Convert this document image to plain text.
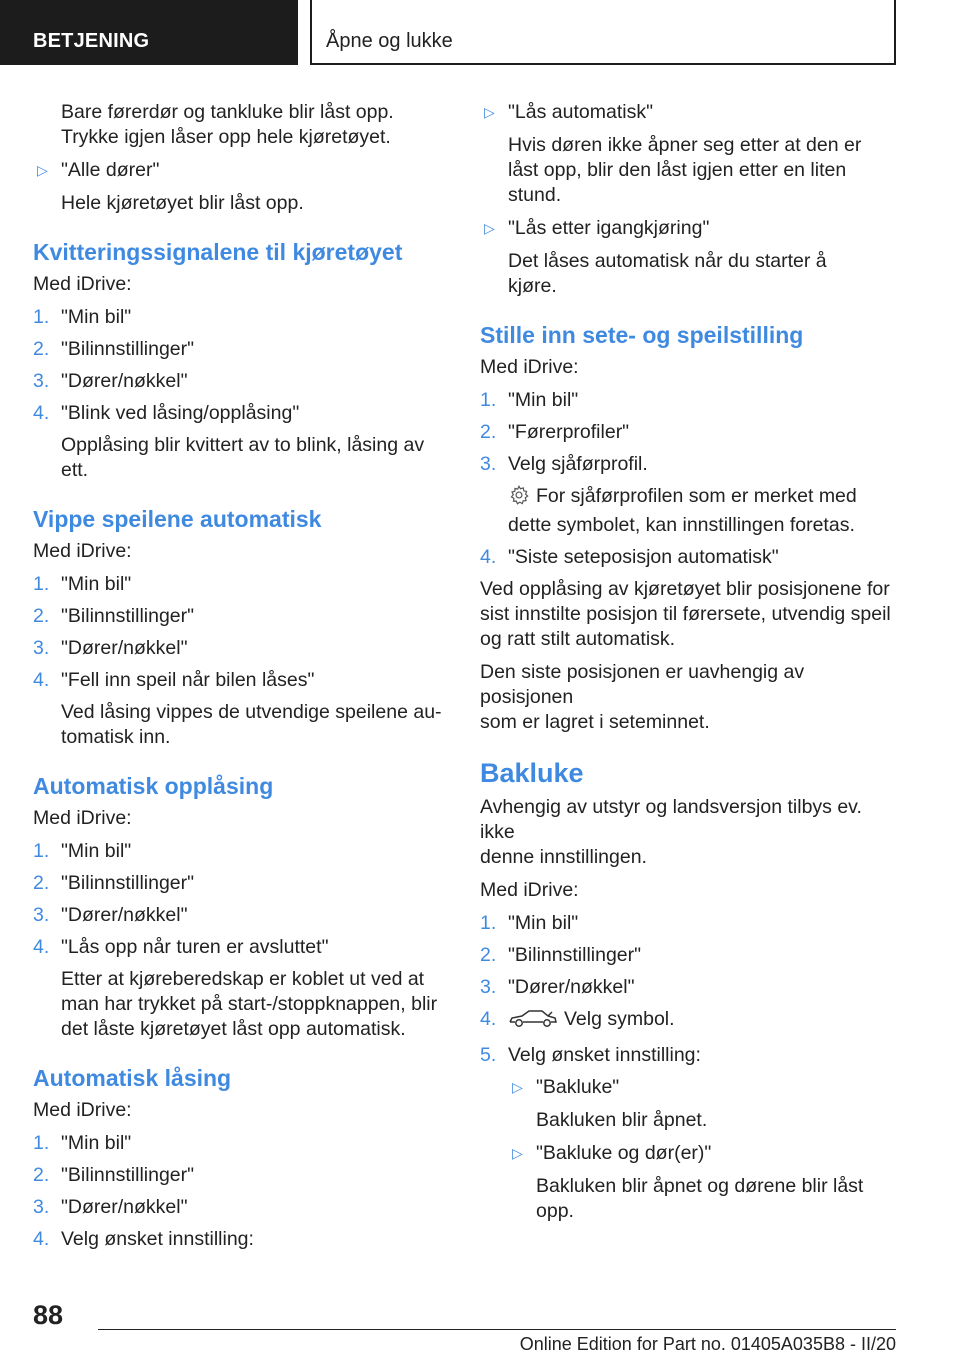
BETJENING	Åpne og lukke

Bare førerdør og tankluke blir låst opp.

Trykke igjen låser opp hele kjøretøyet.

▷ "Alle dører"

Hele kjøretøyet blir låst opp.

Kvitteringssignalene til kjøretøyet

Med iDrive:

1. "Min bil"
2. "Bilinnstillinger"
3. "Dører/nøkkel"
4. "Blink ved låsing/opplåsing"

Opplåsing blir kvittert av to blink, låsing av ett.

Vippe speilene automatisk

Med iDrive:

1. "Min bil"
2. "Bilinnstillinger"
3. "Dører/nøkkel"
4. "Fell inn speil når bilen låses"

Ved låsing vippes de utvendige speilene au-

tomatisk inn.

Automatisk opplåsing

Med iDrive:

1. "Min bil"
2. "Bilinnstillinger"
3. "Dører/nøkkel"
4. "Lås opp når turen er avsluttet"

Etter at kjøreberedskap er koblet ut ved at

man har trykket på start-/stoppknappen, blir

det låste kjøretøyet låst opp automatisk.

Automatisk låsing

Med iDrive:

1. "Min bil"
2. "Bilinnstillinger"
3. "Dører/nøkkel"
4. Velg ønsket innstilling:
▷ "Lås automatisk"

Hvis døren ikke åpner seg etter at den er

låst opp, blir den låst igjen etter en liten

stund.

▷ "Lås etter igangkjøring"

Det låses automatisk når du starter å

kjøre.

Stille inn sete- og speilstilling

Med iDrive:

1. "Min bil"
2. "Førerprofiler"
3. Velg sjåførprofil.

For sjåførprofilen som er merket med

dette symbolet, kan innstillingen foretas.

4. "Siste seteposisjon automatisk"

Ved opplåsing av kjøretøyet blir posisjonene for

sist innstilte posisjon til førersete, utvendig speil

og ratt stilt automatisk.

Den siste posisjonen er uavhengig av posisjonen

som er lagret i seteminnet.

Bakluke

Avhengig av utstyr og landsversjon tilbys ev. ikke

denne innstillingen.

Med iDrive:

1. "Min bil"
2. "Bilinnstillinger"
3. "Dører/nøkkel"
4.	Velg symbol.
5. Velg ønsket innstilling:
▷ "Bakluke"

Bakluken blir åpnet.

▷ "Bakluke og dør(er)"

Bakluken blir åpnet og dørene blir låst

opp.

88
Online Edition for Part no. 01405A035B8 - II/20
